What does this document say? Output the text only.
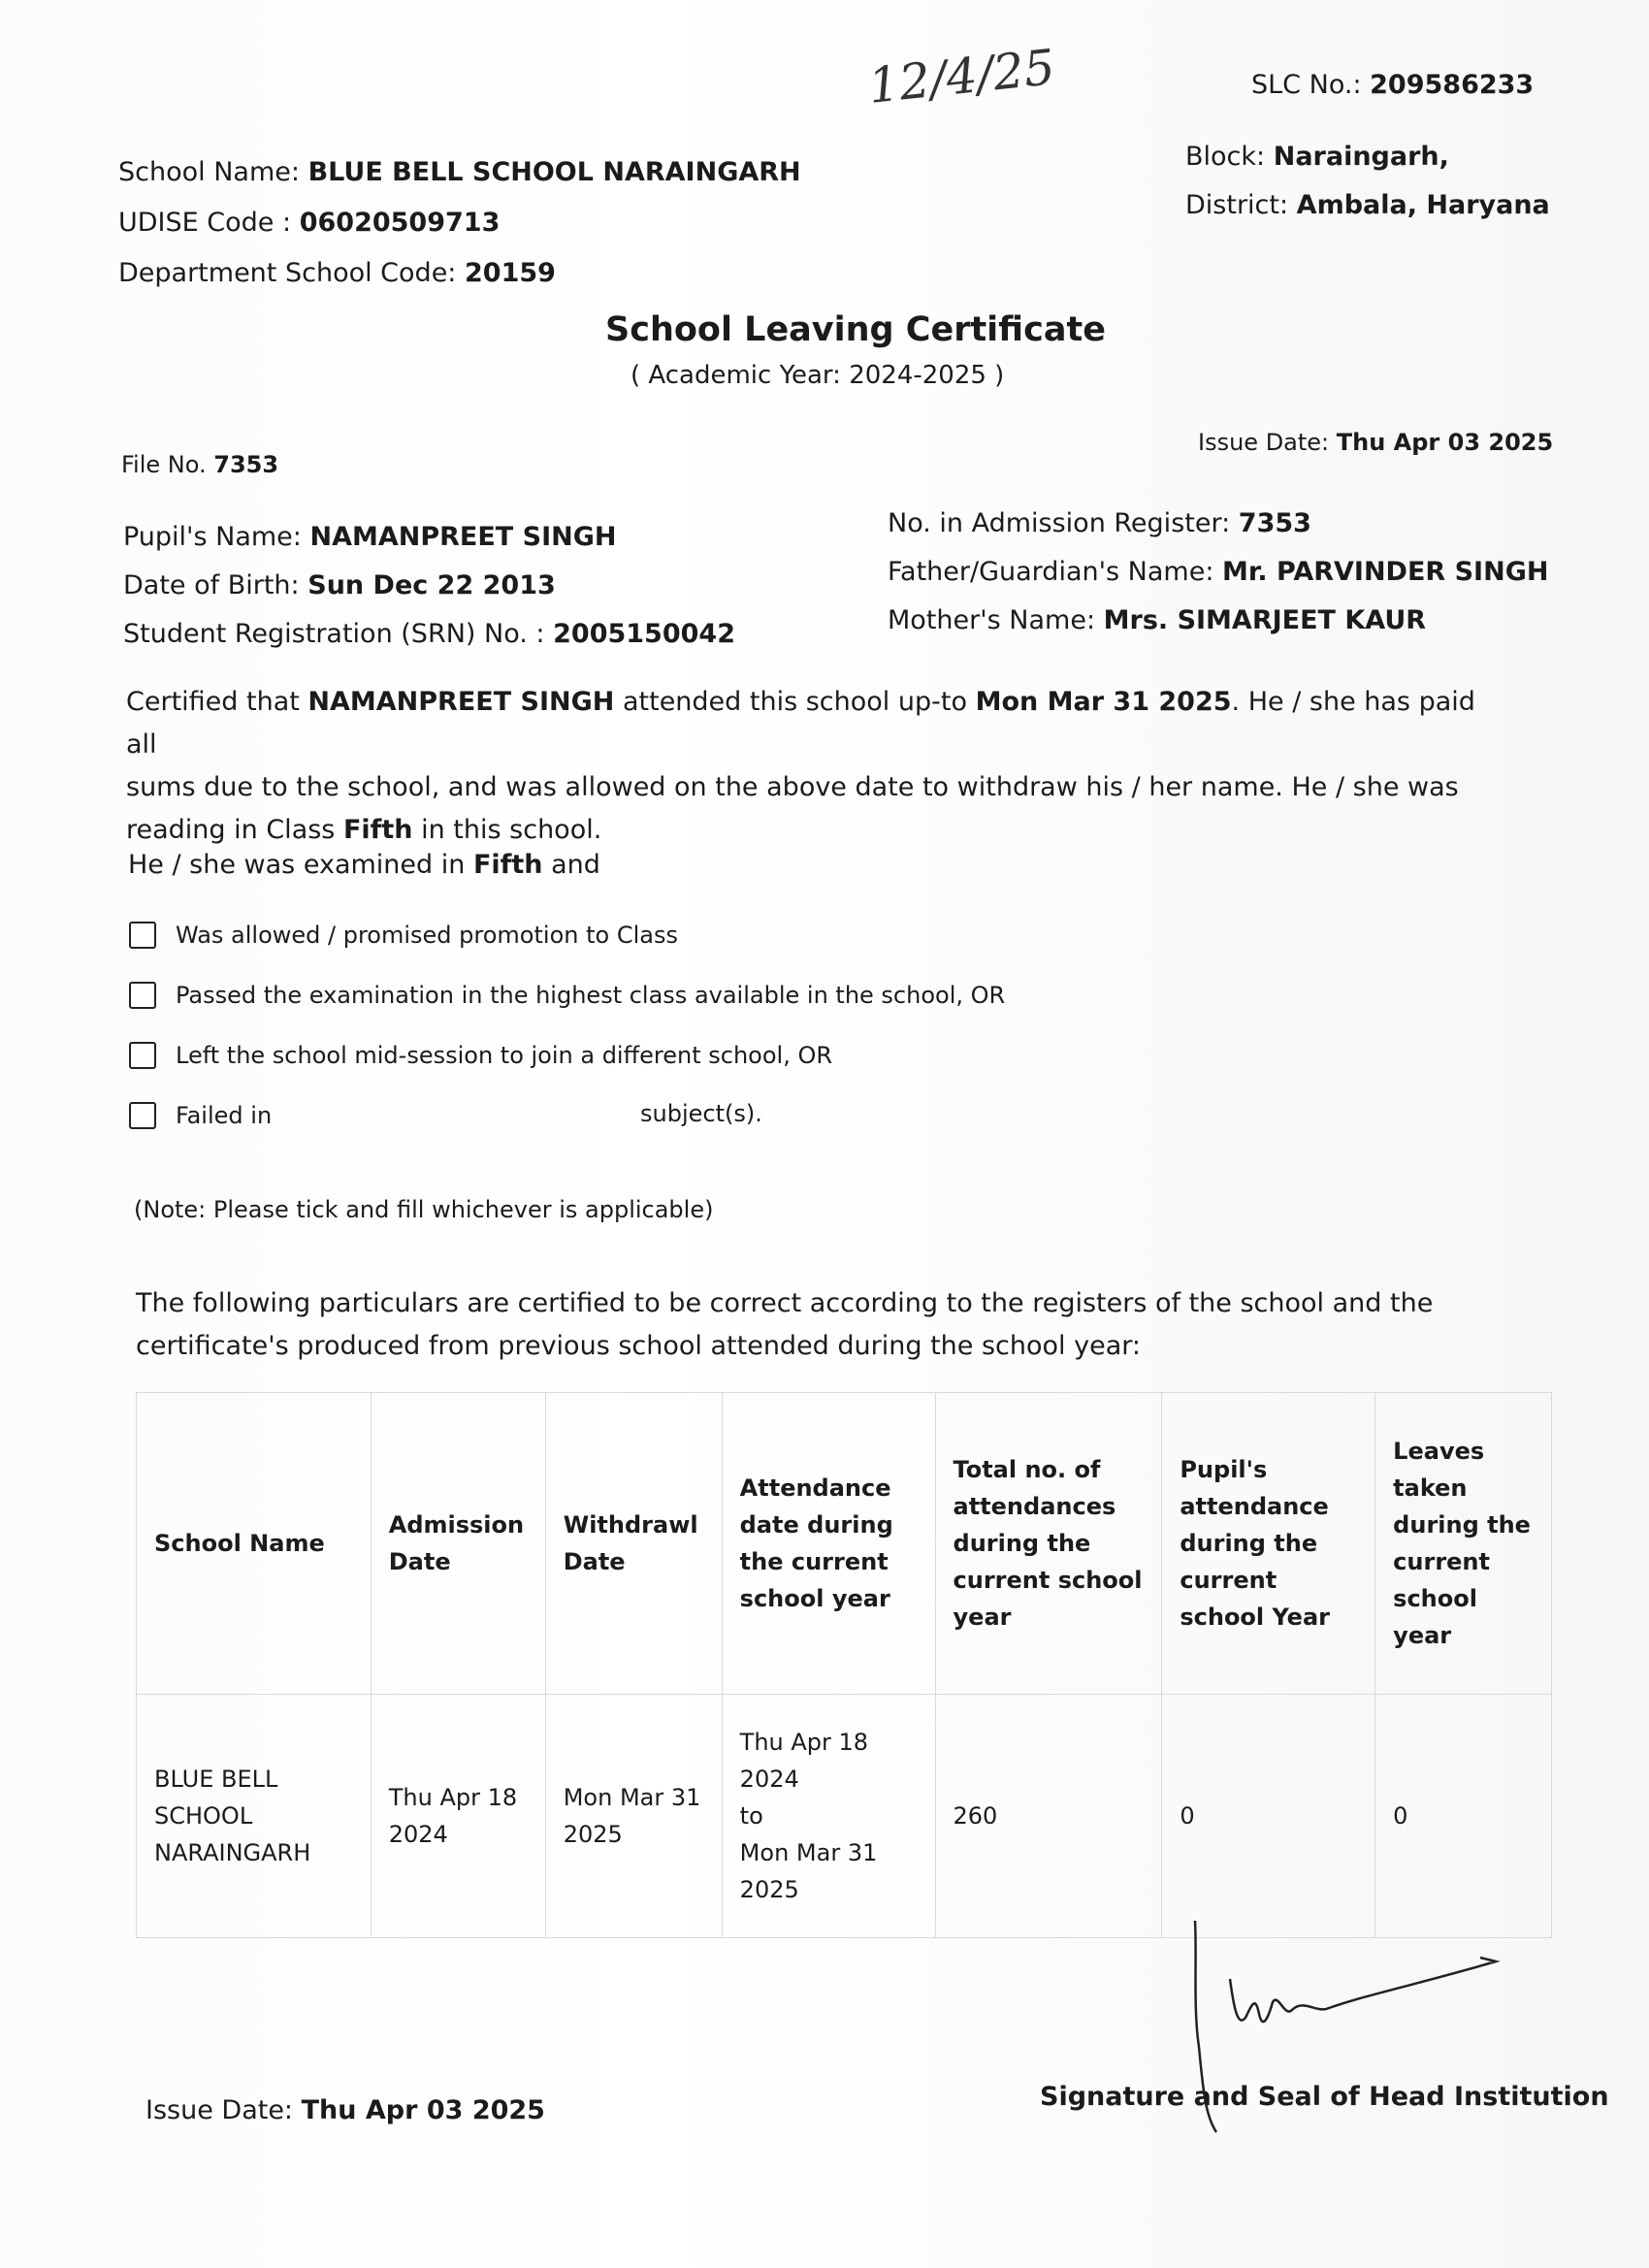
12/4/25	SLC No.: 209586233
School Name: BLUE BELL SCHOOL NARAINGARH
UDISE Code : 06020509713
Department School Code: 20159
Block: Naraingarh,
District: Ambala, Haryana
School Leaving Certificate
( Academic Year: 2024-2025 )
File No. 7353
Issue Date: Thu Apr 03 2025
Pupil's Name: NAMANPREET SINGH
Date of Birth: Sun Dec 22 2013
Student Registration (SRN) No. : 2005150042
No. in Admission Register: 7353
Father/Guardian's Name: Mr. PARVINDER SINGH
Mother's Name: Mrs. SIMARJEET KAUR
Certified that NAMANPREET SINGH attended this school up-to Mon Mar 31 2025. He / she has paid all
sums due to the school, and was allowed on the above date to withdraw his / her name. He / she was
reading in Class Fifth in this school.
He / she was examined in Fifth and
Was allowed / promised promotion to Class
Passed the examination in the highest class available in the school, OR
Left the school mid-session to join a different school, OR
Failed in	subject(s).
(Note: Please tick and fill whichever is applicable)
The following particulars are certified to be correct according to the registers of the school and the
certificate's produced from previous school attended during the school year:
School Name	Admission Date	Withdrawl Date	Attendance date during the current school year	Total no. of attendances during the current school year	Pupil's attendance during the current school Year	Leaves taken during the current school year
BLUE BELL SCHOOL NARAINGARH	Thu Apr 18 2024	Mon Mar 31 2025	Thu Apr 18 2024
to
Mon Mar 31 2025	260	0	0
Issue Date: Thu Apr 03 2025	Signature and Seal of Head Institution
